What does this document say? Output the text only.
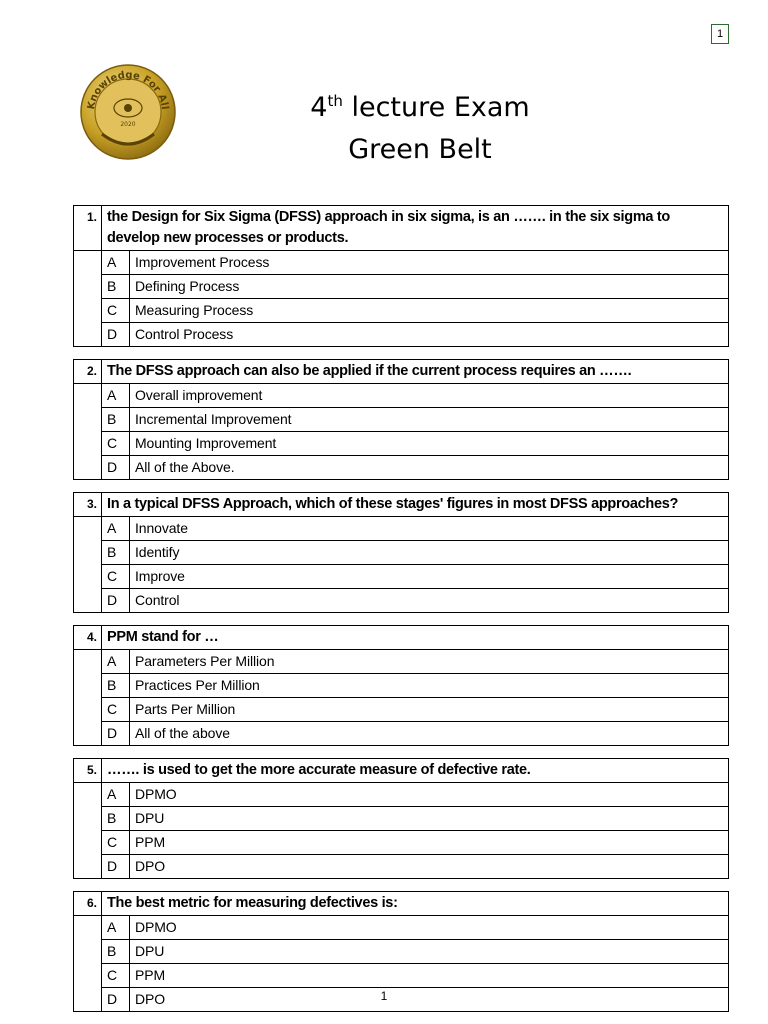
1
Knowledge For All
2020
4th lecture Exam
Green Belt
1.	the Design for Six Sigma (DFSS) approach in six sigma, is an ……. in the six sigma to develop new processes or products.	
	A	Improvement Process
	B	Defining Process
	C	Measuring Process
	D	Control Process
2.	The DFSS approach can also be applied if the current process requires an …….	
	A	Overall improvement
	B	Incremental Improvement
	C	Mounting Improvement
	D	All of the Above.
3.	In a typical DFSS Approach, which of these stages' figures in most DFSS approaches?	
	A	Innovate
	B	Identify
	C	Improve
	D	Control
4.	PPM stand for …	
	A	Parameters Per Million
	B	Practices Per Million
	C	Parts Per Million
	D	All of the above
5.	……. is used to get the more accurate measure of defective rate.	
	A	DPMO
	B	DPU
	C	PPM
	D	DPO
6.	The best metric for measuring defectives is:	
	A	DPMO
	B	DPU
	C	PPM
	D	DPO	1
